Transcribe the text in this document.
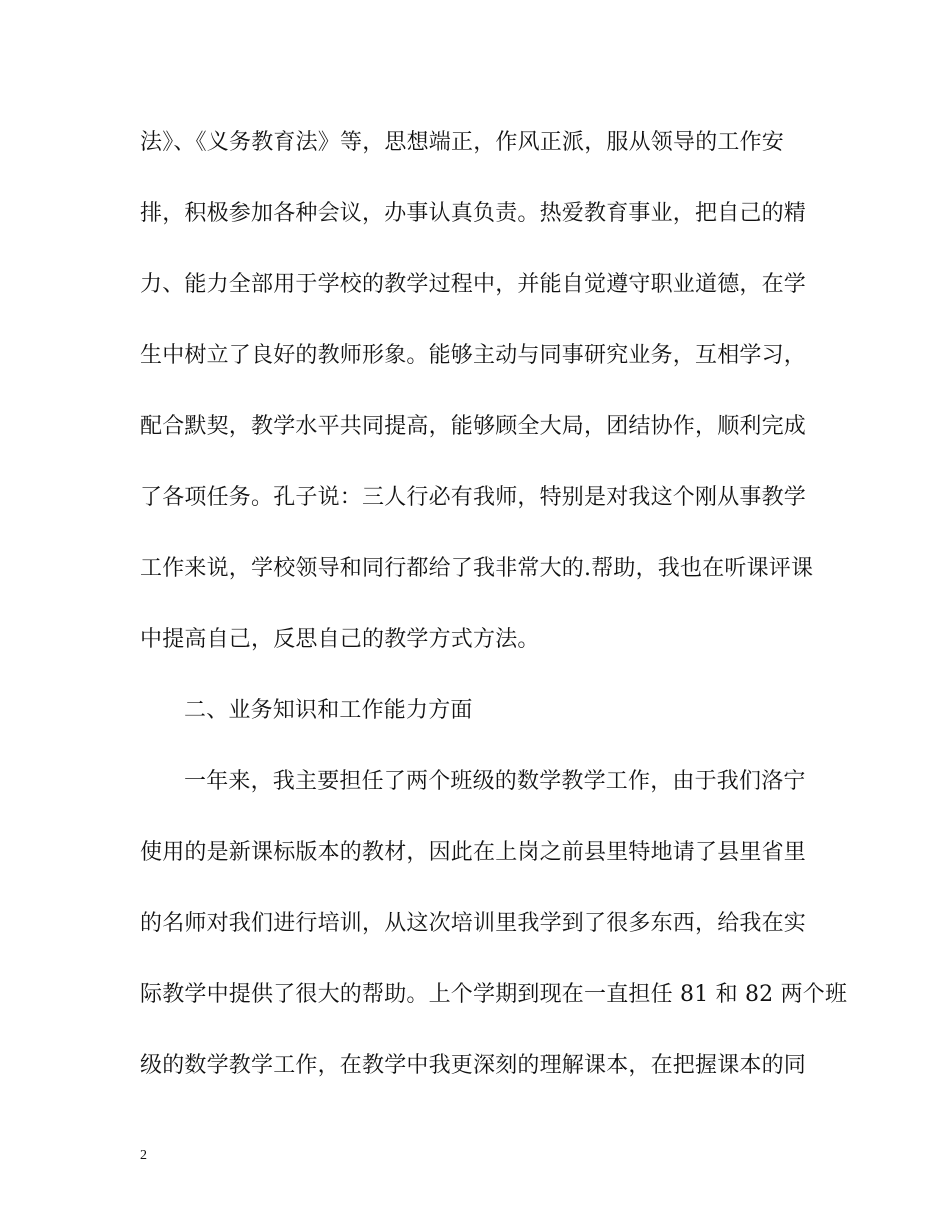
法》、《义务教育法》等，思想端正，作风正派，服从领导的工作安
排，积极参加各种会议，办事认真负责。热爱教育事业，把自己的精
力、能力全部用于学校的教学过程中，并能自觉遵守职业道德，在学
生中树立了良好的教师形象。能够主动与同事研究业务，互相学习，
配合默契，教学水平共同提高，能够顾全大局，团结协作，顺利完成
了各项任务。孔子说：三人行必有我师，特别是对我这个刚从事教学
工作来说，学校领导和同行都给了我非常大的.帮助，我也在听课评课
中提高自己，反思自己的教学方式方法。
二、业务知识和工作能力方面
一年来，我主要担任了两个班级的数学教学工作，由于我们洛宁
使用的是新课标版本的教材，因此在上岗之前县里特地请了县里省里
的名师对我们进行培训，从这次培训里我学到了很多东西，给我在实
际教学中提供了很大的帮助。上个学期到现在一直担任 81 和 82 两个班
级的数学教学工作，在教学中我更深刻的理解课本，在把握课本的同
2
